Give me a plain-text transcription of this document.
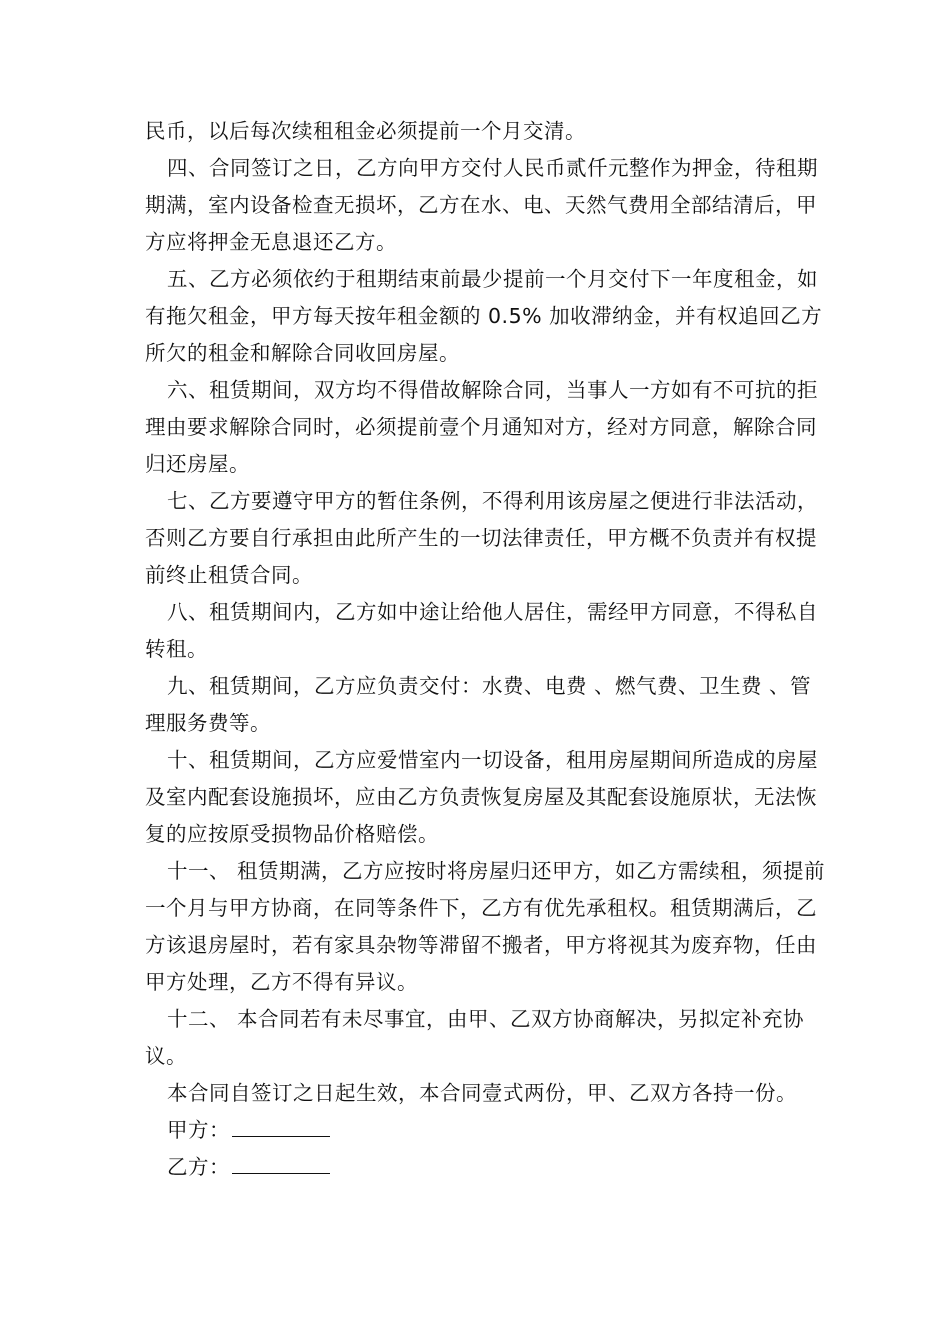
民币，以后每次续租租金必须提前一个月交清。

四、合同签订之日，乙方向甲方交付人民币贰仟元整作为押金，待租期期满，室内设备检查无损坏，乙方在水、电、天然气费用全部结清后，甲方应将押金无息退还乙方。

五、乙方必须依约于租期结束前最少提前一个月交付下一年度租金，如有拖欠租金，甲方每天按年租金额的 0.5% 加收滞纳金，并有权追回乙方所欠的租金和解除合同收回房屋。

六、租赁期间，双方均不得借故解除合同，当事人一方如有不可抗的拒理由要求解除合同时，必须提前壹个月通知对方，经对方同意，解除合同归还房屋。

七、乙方要遵守甲方的暂住条例，不得利用该房屋之便进行非法活动，否则乙方要自行承担由此所产生的一切法律责任，甲方概不负责并有权提前终止租赁合同。

八、租赁期间内，乙方如中途让给他人居住，需经甲方同意，不得私自转租。

九、租赁期间，乙方应负责交付：水费、电费 、燃气费、卫生费 、管理服务费等。

十、租赁期间，乙方应爱惜室内一切设备，租用房屋期间所造成的房屋及室内配套设施损坏，应由乙方负责恢复房屋及其配套设施原状，无法恢复的应按原受损物品价格赔偿。

十一、 租赁期满，乙方应按时将房屋归还甲方，如乙方需续租，须提前一个月与甲方协商，在同等条件下，乙方有优先承租权。租赁期满后，乙方该退房屋时，若有家具杂物等滞留不搬者，甲方将视其为废弃物，任由甲方处理，乙方不得有异议。

十二、 本合同若有未尽事宜，由甲、乙双方协商解决，另拟定补充协议。

本合同自签订之日起生效，本合同壹式两份，甲、乙双方各持一份。

甲方：

乙方：
